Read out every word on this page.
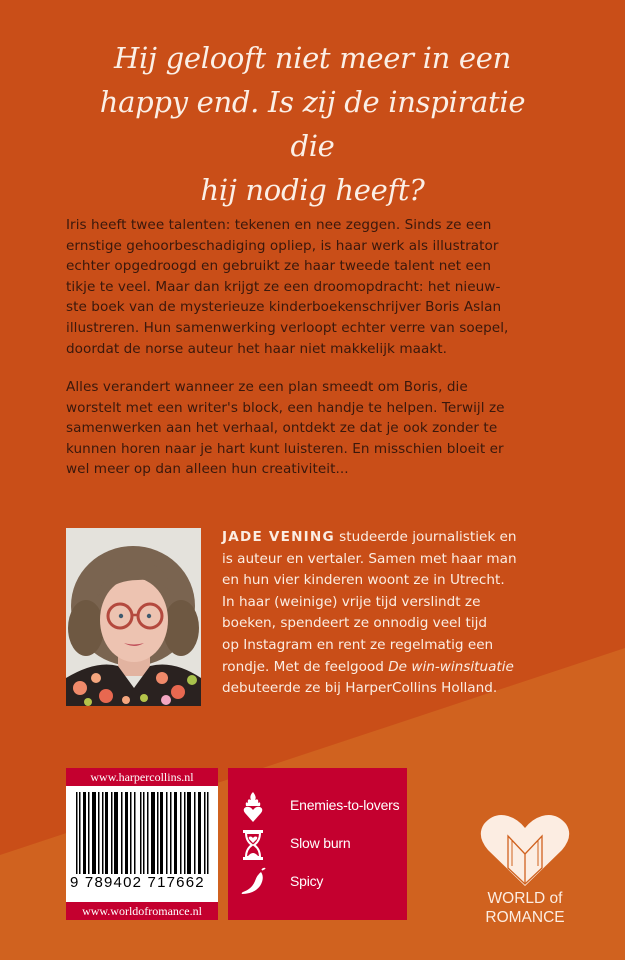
Hij gelooft niet meer in een
happy end. Is zij de inspiratie die
hij nodig heeft?
Iris heeft twee talenten: tekenen en nee zeggen. Sinds ze een
ernstige gehoorbeschadiging opliep, is haar werk als illustrator
echter opgedroogd en gebruikt ze haar tweede talent net een
tikje te veel. Maar dan krijgt ze een droomopdracht: het nieuw-
ste boek van de mysterieuze kinderboekenschrijver Boris Aslan
illustreren. Hun samenwerking verloopt echter verre van soepel,
doordat de norse auteur het haar niet makkelijk maakt.
Alles verandert wanneer ze een plan smeedt om Boris, die
worstelt met een writer's block, een handje te helpen. Terwijl ze
samenwerken aan het verhaal, ontdekt ze dat je ook zonder te
kunnen horen naar je hart kunt luisteren. En misschien bloeit er
wel meer op dan alleen hun creativiteit...
JADE VENING studeerde journalistiek en
is auteur en vertaler. Samen met haar man
en hun vier kinderen woont ze in Utrecht.
In haar (weinige) vrije tijd verslindt ze
boeken, spendeert ze onnodig veel tijd
op Instagram en rent ze regelmatig een
rondje. Met de feelgood De win-winsituatie
debuteerde ze bij HarperCollins Holland.
www.harpercollins.nl
9 789402 717662
www.worldofromance.nl
Enemies-to-lovers
Slow burn
Spicy
WORLD of
ROMANCE
